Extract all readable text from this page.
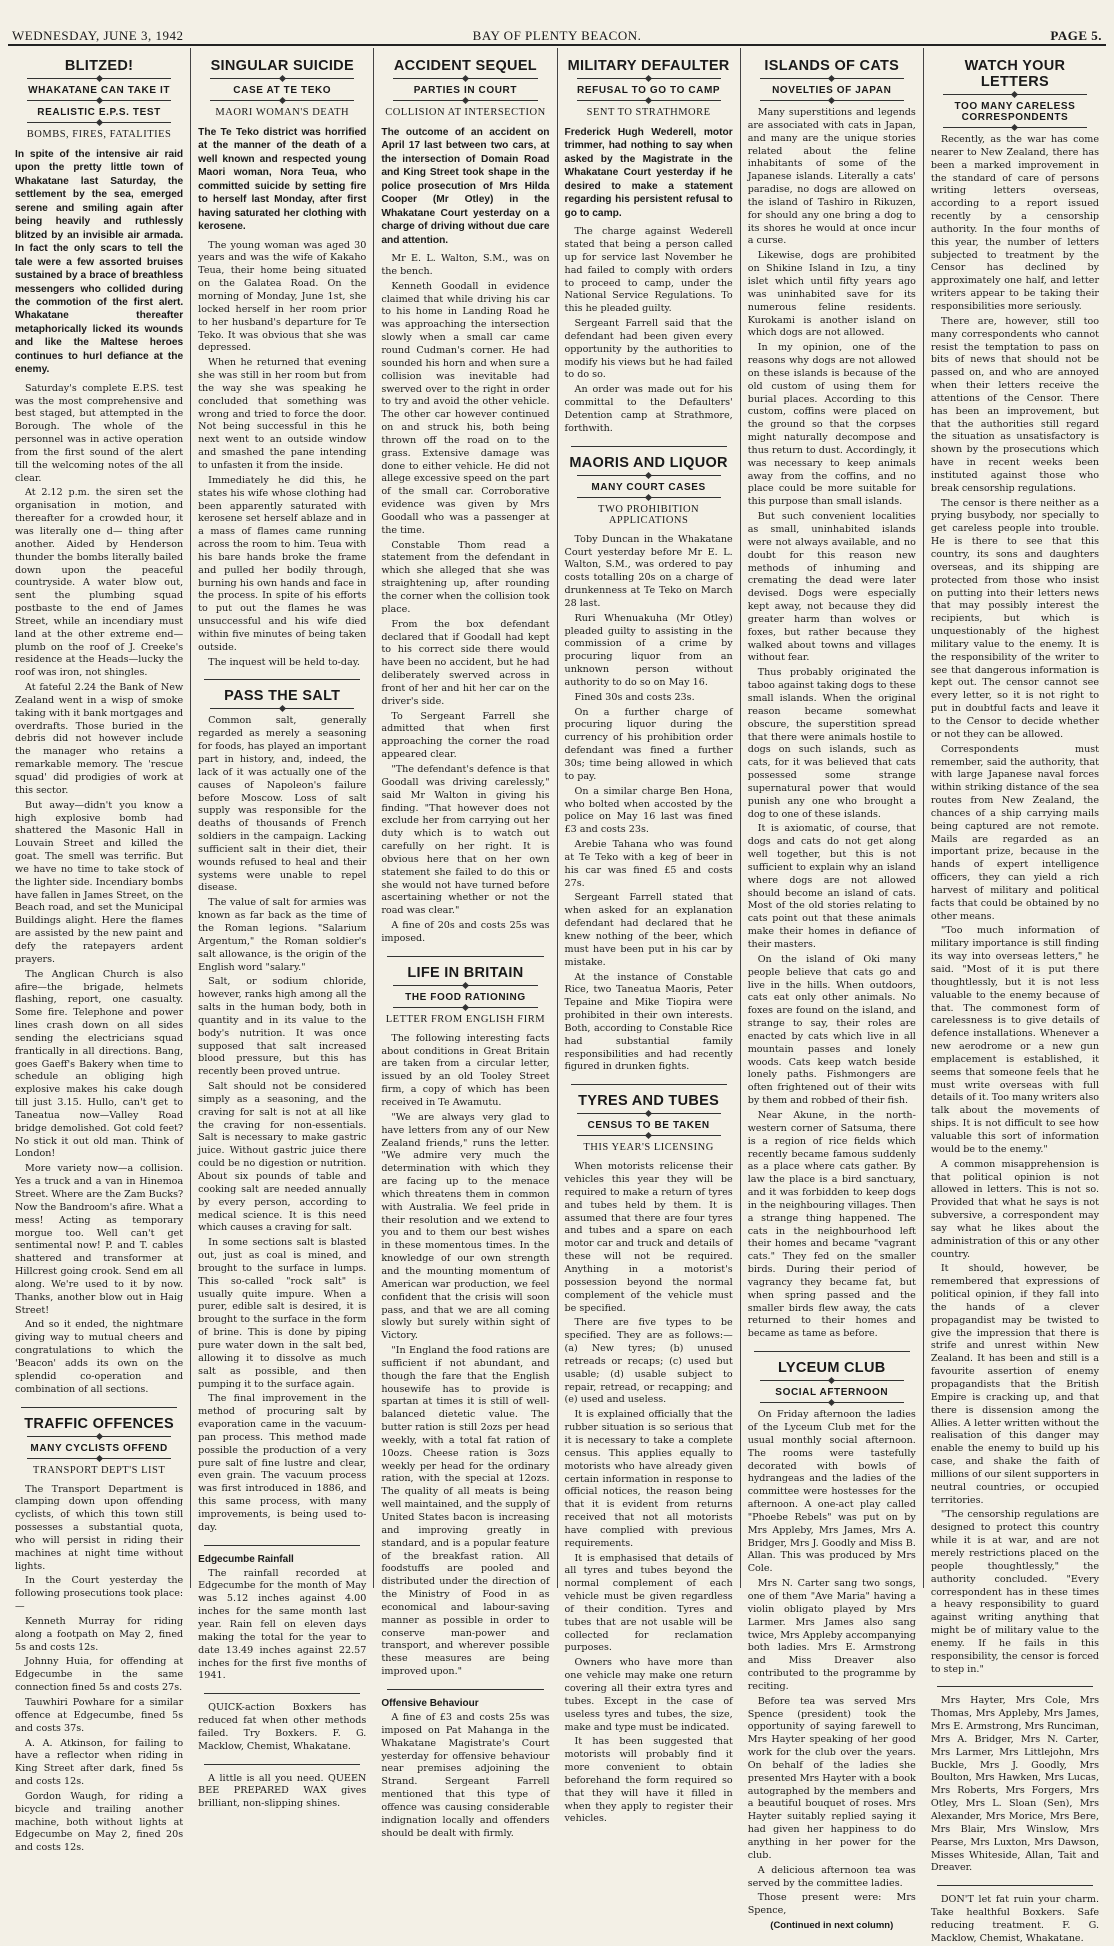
WEDNESDAY, JUNE 3, 1942	BAY OF PLENTY BEACON.	PAGE 5.
BLITZED!
WHAKATANE CAN TAKE IT
REALISTIC E.P.S. TEST
BOMBS, FIRES, FATALITIES
In spite of the intensive air raid upon the pretty little town of Whakatane last Saturday, the settlement by the sea, emerged serene and smiling again after being heavily and ruthlessly blitzed by an invisible air armada. In fact the only scars to tell the tale were a few assorted bruises sustained by a brace of breathless messengers who collided during the commotion of the first alert. Whakatane thereafter metaphorically licked its wounds and like the Maltese heroes continues to hurl defiance at the enemy.

Saturday's complete E.P.S. test was the most comprehensive and best staged, but attempted in the Borough. The whole of the personnel was in active operation from the first sound of the alert till the welcoming notes of the all clear.

At 2.12 p.m. the siren set the organisation in motion, and thereafter for a crowded hour, it was literally one d— thing after another. Aided by Henderson thunder the bombs literally bailed down upon the peaceful countryside. A water blow out, sent the plumbing squad postbaste to the end of James Street, while an incendiary must land at the other extreme end—plumb on the roof of J. Creeke's residence at the Heads—lucky the roof was iron, not shingles.

At fateful 2.24 the Bank of New Zealand went in a wisp of smoke taking with it bank mortgages and overdrafts. Those buried in the debris did not however include the manager who retains a remarkable memory. The 'rescue squad' did prodigies of work at this sector.

But away—didn't you know a high explosive bomb had shattered the Masonic Hall in Louvain Street and killed the goat. The smell was terrific. But we have no time to take stock of the lighter side. Incendiary bombs have fallen in James Street, on the Beach road, and set the Municipal Buildings alight. Here the flames are assisted by the new paint and defy the ratepayers ardent prayers.

The Anglican Church is also afire—the brigade, helmets flashing, report, one casualty. Some fire. Telephone and power lines crash down on all sides sending the electricians squad frantically in all directions. Bang, goes Gaeff's Bakery when time to schedule an obliging high explosive makes his cake dough till just 3.15. Hullo, can't get to Taneatua now—Valley Road bridge demolished. Got cold feet? No stick it out old man. Think of London!

More variety now—a collision. Yes a truck and a van in Hinemoa Street. Where are the Zam Bucks? Now the Bandroom's afire. What a mess! Acting as temporary morgue too. Well can't get sentimental now! P. and T. cables shattered and transformer at Hillcrest going crook. Send em all along. We're used to it by now. Thanks, another blow out in Haig Street!

And so it ended, the nightmare giving way to mutual cheers and congratulations to which the 'Beacon' adds its own on the splendid co-operation and combination of all sections.

TRAFFIC OFFENCES
MANY CYCLISTS OFFEND
TRANSPORT DEPT'S LIST

The Transport Department is clamping down upon offending cyclists, of which this town still possesses a substantial quota, who will persist in riding their machines at night time without lights.

In the Court yesterday the following prosecutions took place:—

Kenneth Murray for riding along a footpath on May 2, fined 5s and costs 12s.

Johnny Huia, for offending at Edgecumbe in the same connection fined 5s and costs 27s.

Tauwhiri Powhare for a similar offence at Edgecumbe, fined 5s and costs 37s.

A. A. Atkinson, for failing to have a reflector when riding in King Street after dark, fined 5s and costs 12s.

Gordon Waugh, for riding a bicycle and trailing another machine, both without lights at Edgecumbe on May 2, fined 20s and costs 12s.

SINGULAR SUICIDE
CASE AT TE TEKO
MAORI WOMAN'S DEATH
The Te Teko district was horrified at the manner of the death of a well known and respected young Maori woman, Nora Teua, who committed suicide by setting fire to herself last Monday, after first having saturated her clothing with kerosene.

The young woman was aged 30 years and was the wife of Kakaho Teua, their home being situated on the Galatea Road. On the morning of Monday, June 1st, she locked herself in her room prior to her husband's departure for Te Teko. It was obvious that she was depressed.

When he returned that evening she was still in her room but from the way she was speaking he concluded that something was wrong and tried to force the door. Not being successful in this he next went to an outside window and smashed the pane intending to unfasten it from the inside.

Immediately he did this, he states his wife whose clothing had been apparently saturated with kerosene set herself ablaze and in a mass of flames came running across the room to him. Teua with his bare hands broke the frame and pulled her bodily through, burning his own hands and face in the process. In spite of his efforts to put out the flames he was unsuccessful and his wife died within five minutes of being taken outside.

The inquest will be held to-day.

PASS THE SALT

Common salt, generally regarded as merely a seasoning for foods, has played an important part in history, and, indeed, the lack of it was actually one of the causes of Napoleon's failure before Moscow. Loss of salt supply was responsible for the deaths of thousands of French soldiers in the campaign. Lacking sufficient salt in their diet, their wounds refused to heal and their systems were unable to repel disease.

The value of salt for armies was known as far back as the time of the Roman legions. "Salarium Argentum," the Roman soldier's salt allowance, is the origin of the English word "salary."

Salt, or sodium chloride, however, ranks high among all the salts in the human body, both in quantity and in its value to the body's nutrition. It was once supposed that salt increased blood pressure, but this has recently been proved untrue.

Salt should not be considered simply as a seasoning, and the craving for salt is not at all like the craving for non-essentials. Salt is necessary to make gastric juice. Without gastric juice there could be no digestion or nutrition. About six pounds of table and cooking salt are needed annually by every person, according to medical science. It is this need which causes a craving for salt.

In some sections salt is blasted out, just as coal is mined, and brought to the surface in lumps. This so-called "rock salt" is usually quite impure. When a purer, edible salt is desired, it is brought to the surface in the form of brine. This is done by piping pure water down in the salt bed, allowing it to dissolve as much salt as possible, and then pumping it to the surface again.

The final improvement in the method of procuring salt by evaporation came in the vacuum-pan process. This method made possible the production of a very pure salt of fine lustre and clear, even grain. The vacuum process was first introduced in 1886, and this same process, with many improvements, is being used to-day.

Edgecumbe Rainfall

The rainfall recorded at Edgecumbe for the month of May was 5.12 inches against 4.00 inches for the same month last year. Rain fell on eleven days making the total for the year to date 13.49 inches against 22.57 inches for the first five months of 1941.

QUICK-action Boxkers has reduced fat when other methods failed. Try Boxkers. F. G. Macklow, Chemist, Whakatane.

A little is all you need. QUEEN BEE PREPARED WAX gives brilliant, non-slipping shines.

ACCIDENT SEQUEL
PARTIES IN COURT
COLLISION AT INTERSECTION
The outcome of an accident on April 17 last between two cars, at the intersection of Domain Road and King Street took shape in the police prosecution of Mrs Hilda Cooper (Mr Otley) in the Whakatane Court yesterday on a charge of driving without due care and attention.

Mr E. L. Walton, S.M., was on the bench.

Kenneth Goodall in evidence claimed that while driving his car to his home in Landing Road he was approaching the intersection slowly when a small car came round Cudman's corner. He had sounded his horn and when sure a collision was inevitable had swerved over to the right in order to try and avoid the other vehicle. The other car however continued on and struck his, both being thrown off the road on to the grass. Extensive damage was done to either vehicle. He did not allege excessive speed on the part of the small car. Corroborative evidence was given by Mrs Goodall who was a passenger at the time.

Constable Thom read a statement from the defendant in which she alleged that she was straightening up, after rounding the corner when the collision took place.

From the box defendant declared that if Goodall had kept to his correct side there would have been no accident, but he had deliberately swerved across in front of her and hit her car on the driver's side.

To Sergeant Farrell she admitted that when first approaching the corner the road appeared clear.

"The defendant's defence is that Goodall was driving carelessly," said Mr Walton in giving his finding. "That however does not exclude her from carrying out her duty which is to watch out carefully on her right. It is obvious here that on her own statement she failed to do this or she would not have turned before ascertaining whether or not the road was clear."

A fine of 20s and costs 25s was imposed.

LIFE IN BRITAIN
THE FOOD RATIONING
LETTER FROM ENGLISH FIRM

The following interesting facts about conditions in Great Britain are taken from a circular letter, issued by an old Tooley Street firm, a copy of which has been received in Te Awamutu.

"We are always very glad to have letters from any of our New Zealand friends," runs the letter. "We admire very much the determination with which they are facing up to the menace which threatens them in common with Australia. We feel pride in their resolution and we extend to you and to them our best wishes in these momentous times. In the knowledge of our own strength and the mounting momentum of American war production, we feel confident that the crisis will soon pass, and that we are all coming slowly but surely within sight of Victory.

"In England the food rations are sufficient if not abundant, and though the fare that the English housewife has to provide is spartan at times it is still of well-balanced dietetic value. The butter ration is still 2ozs per head weekly, with a total fat ration of 10ozs. Cheese ration is 3ozs weekly per head for the ordinary ration, with the special at 12ozs. The quality of all meats is being well maintained, and the supply of United States bacon is increasing and improving greatly in standard, and is a popular feature of the breakfast ration. All foodstuffs are pooled and distributed under the direction of the Ministry of Food in as economical and labour-saving manner as possible in order to conserve man-power and transport, and wherever possible these measures are being improved upon."

Offensive Behaviour

A fine of £3 and costs 25s was imposed on Pat Mahanga in the Whakatane Magistrate's Court yesterday for offensive behaviour near premises adjoining the Strand. Sergeant Farrell mentioned that this type of offence was causing considerable indignation locally and offenders should be dealt with firmly.

MILITARY DEFAULTER
REFUSAL TO GO TO CAMP
SENT TO STRATHMORE
Frederick Hugh Wederell, motor trimmer, had nothing to say when asked by the Magistrate in the Whakatane Court yesterday if he desired to make a statement regarding his persistent refusal to go to camp.

The charge against Wederell stated that being a person called up for service last November he had failed to comply with orders to proceed to camp, under the National Service Regulations. To this he pleaded guilty.

Sergeant Farrell said that the defendant had been given every opportunity by the authorities to modify his views but he had failed to do so.

An order was made out for his committal to the Defaulters' Detention camp at Strathmore, forthwith.

MAORIS AND LIQUOR
MANY COURT CASES
TWO PROHIBITION APPLICATIONS

Toby Duncan in the Whakatane Court yesterday before Mr E. L. Walton, S.M., was ordered to pay costs totalling 20s on a charge of drunkenness at Te Teko on March 28 last.

Ruri Whenuakuha (Mr Otley) pleaded guilty to assisting in the commission of a crime by procuring liquor from an unknown person without authority to do so on May 16.

Fined 30s and costs 23s.

On a further charge of procuring liquor during the currency of his prohibition order defendant was fined a further 30s; time being allowed in which to pay.

On a similar charge Ben Hona, who bolted when accosted by the police on May 16 last was fined £3 and costs 23s.

Arebie Tahana who was found at Te Teko with a keg of beer in his car was fined £5 and costs 27s.

Sergeant Farrell stated that when asked for an explanation defendant had declared that he knew nothing of the beer, which must have been put in his car by mistake.

At the instance of Constable Rice, two Taneatua Maoris, Peter Tepaine and Mike Tiopira were prohibited in their own interests. Both, according to Constable Rice had substantial family responsibilities and had recently figured in drunken fights.

TYRES AND TUBES
CENSUS TO BE TAKEN
THIS YEAR'S LICENSING

When motorists relicense their vehicles this year they will be required to make a return of tyres and tubes held by them. It is assumed that there are four tyres and tubes and a spare on each motor car and truck and details of these will not be required. Anything in a motorist's possession beyond the normal complement of the vehicle must be specified.

There are five types to be specified. They are as follows:—(a) New tyres; (b) unused retreads or recaps; (c) used but usable; (d) usable subject to repair, retread, or recapping; and (e) used and useless.

It is explained officially that the rubber situation is so serious that it is necessary to take a complete census. This applies equally to motorists who have already given certain information in response to official notices, the reason being that it is evident from returns received that not all motorists have complied with previous requirements.

It is emphasised that details of all tyres and tubes beyond the normal complement of each vehicle must be given regardless of their condition. Tyres and tubes that are not usable will be collected for reclamation purposes.

Owners who have more than one vehicle may make one return covering all their extra tyres and tubes. Except in the case of useless tyres and tubes, the size, make and type must be indicated.

It has been suggested that motorists will probably find it more convenient to obtain beforehand the form required so that they will have it filled in when they apply to register their vehicles.

ISLANDS OF CATS
NOVELTIES OF JAPAN

Many superstitions and legends are associated with cats in Japan, and many are the unique stories related about the feline inhabitants of some of the Japanese islands. Literally a cats' paradise, no dogs are allowed on the island of Tashiro in Rikuzen, for should any one bring a dog to its shores he would at once incur a curse.

Likewise, dogs are prohibited on Shikine Island in Izu, a tiny islet which until fifty years ago was uninhabited save for its numerous feline residents. Kurokami is another island on which dogs are not allowed.

In my opinion, one of the reasons why dogs are not allowed on these islands is because of the old custom of using them for burial places. According to this custom, coffins were placed on the ground so that the corpses might naturally decompose and thus return to dust. Accordingly, it was necessary to keep animals away from the coffins, and no place could be more suitable for this purpose than small islands.

But such convenient localities as small, uninhabited islands were not always available, and no doubt for this reason new methods of inhuming and cremating the dead were later devised. Dogs were especially kept away, not because they did greater harm than wolves or foxes, but rather because they walked about towns and villages without fear.

Thus probably originated the taboo against taking dogs to these small islands. When the original reason became somewhat obscure, the superstition spread that there were animals hostile to dogs on such islands, such as cats, for it was believed that cats possessed some strange supernatural power that would punish any one who brought a dog to one of these islands.

It is axiomatic, of course, that dogs and cats do not get along well together, but this is not sufficient to explain why an island where dogs are not allowed should become an island of cats. Most of the old stories relating to cats point out that these animals make their homes in defiance of their masters.

On the island of Oki many people believe that cats go and live in the hills. When outdoors, cats eat only other animals. No foxes are found on the island, and strange to say, their roles are enacted by cats which live in all mountain passes and lonely woods. Cats keep watch beside lonely paths. Fishmongers are often frightened out of their wits by them and robbed of their fish.

Near Akune, in the north-western corner of Satsuma, there is a region of rice fields which recently became famous suddenly as a place where cats gather. By law the place is a bird sanctuary, and it was forbidden to keep dogs in the neighbouring villages. Then a strange thing happened. The cats in the neighbourhood left their homes and became "vagrant cats." They fed on the smaller birds. During their period of vagrancy they became fat, but when spring passed and the smaller birds flew away, the cats returned to their homes and became as tame as before.

LYCEUM CLUB
SOCIAL AFTERNOON

On Friday afternoon the ladies of the Lyceum Club met for the usual monthly social afternoon. The rooms were tastefully decorated with bowls of hydrangeas and the ladies of the committee were hostesses for the afternoon. A one-act play called "Phoebe Rebels" was put on by Mrs Appleby, Mrs James, Mrs A. Bridger, Mrs J. Goodly and Miss B. Allan. This was produced by Mrs Cole.

Mrs N. Carter sang two songs, one of them "Ave Maria" having a violin obligato played by Mrs Larmer. Mrs James also sang twice, Mrs Appleby accompanying both ladies. Mrs E. Armstrong and Miss Dreaver also contributed to the programme by reciting.

Before tea was served Mrs Spence (president) took the opportunity of saying farewell to Mrs Hayter speaking of her good work for the club over the years. On behalf of the ladies she presented Mrs Hayter with a book autographed by the members and a beautiful bouquet of roses. Mrs Hayter suitably replied saying it had given her happiness to do anything in her power for the club.

A delicious afternoon tea was served by the committee ladies.

Those present were: Mrs Spence,

(Continued in next column)
WATCH YOUR LETTERS
TOO MANY CARELESS CORRESPONDENTS

Recently, as the war has come nearer to New Zealand, there has been a marked improvement in the standard of care of persons writing letters overseas, according to a report issued recently by a censorship authority. In the four months of this year, the number of letters subjected to treatment by the Censor has declined by approximately one half, and letter writers appear to be taking their responsibilities more seriously.

There are, however, still too many correspondents who cannot resist the temptation to pass on bits of news that should not be passed on, and who are annoyed when their letters receive the attentions of the Censor. There has been an improvement, but that the authorities still regard the situation as unsatisfactory is shown by the prosecutions which have in recent weeks been instituted against those who break censorship regulations.

The censor is there neither as a prying busybody, nor specially to get careless people into trouble. He is there to see that this country, its sons and daughters overseas, and its shipping are protected from those who insist on putting into their letters news that may possibly interest the recipients, but which is unquestionably of the highest military value to the enemy. It is the responsibility of the writer to see that dangerous information is kept out. The censor cannot see every letter, so it is not right to put in doubtful facts and leave it to the Censor to decide whether or not they can be allowed.

Correspondents must remember, said the authority, that with large Japanese naval forces within striking distance of the sea routes from New Zealand, the chances of a ship carrying mails being captured are not remote. Mails are regarded as an important prize, because in the hands of expert intelligence officers, they can yield a rich harvest of military and political facts that could be obtained by no other means.

"Too much information of military importance is still finding its way into overseas letters," he said. "Most of it is put there thoughtlessly, but it is not less valuable to the enemy because of that. The commonest form of carelessness is to give details of defence installations. Whenever a new aerodrome or a new gun emplacement is established, it seems that someone feels that he must write overseas with full details of it. Too many writers also talk about the movements of ships. It is not difficult to see how valuable this sort of information would be to the enemy."

A common misapprehension is that political opinion is not allowed in letters. This is not so. Provided that what he says is not subversive, a correspondent may say what he likes about the administration of this or any other country.

It should, however, be remembered that expressions of political opinion, if they fall into the hands of a clever propagandist may be twisted to give the impression that there is strife and unrest within New Zealand. It has been and still is a favourite assertion of enemy propagandists that the British Empire is cracking up, and that there is dissension among the Allies. A letter written without the realisation of this danger may enable the enemy to build up his case, and shake the faith of millions of our silent supporters in neutral countries, or occupied territories.

"The censorship regulations are designed to protect this country while it is at war, and are not merely restrictions placed on the people thoughtlessly," the authority concluded. "Every correspondent has in these times a heavy responsibility to guard against writing anything that might be of military value to the enemy. If he fails in this responsibility, the censor is forced to step in."

Mrs Hayter, Mrs Cole, Mrs Thomas, Mrs Appleby, Mrs James, Mrs E. Armstrong, Mrs Runciman, Mrs A. Bridger, Mrs N. Carter, Mrs Larmer, Mrs Littlejohn, Mrs Buckle, Mrs J. Goodly, Mrs Boulton, Mrs Hawken, Mrs Lucas, Mrs Roberts, Mrs Forgers, Mrs Otley, Mrs L. Sloan (Sen), Mrs Alexander, Mrs Morice, Mrs Bere, Mrs Blair, Mrs Winslow, Mrs Pearse, Mrs Luxton, Mrs Dawson, Misses Whiteside, Allan, Tait and Dreaver.

DON'T let fat ruin your charm. Take healthful Boxkers. Safe reducing treatment. F. G. Macklow, Chemist, Whakatane.
